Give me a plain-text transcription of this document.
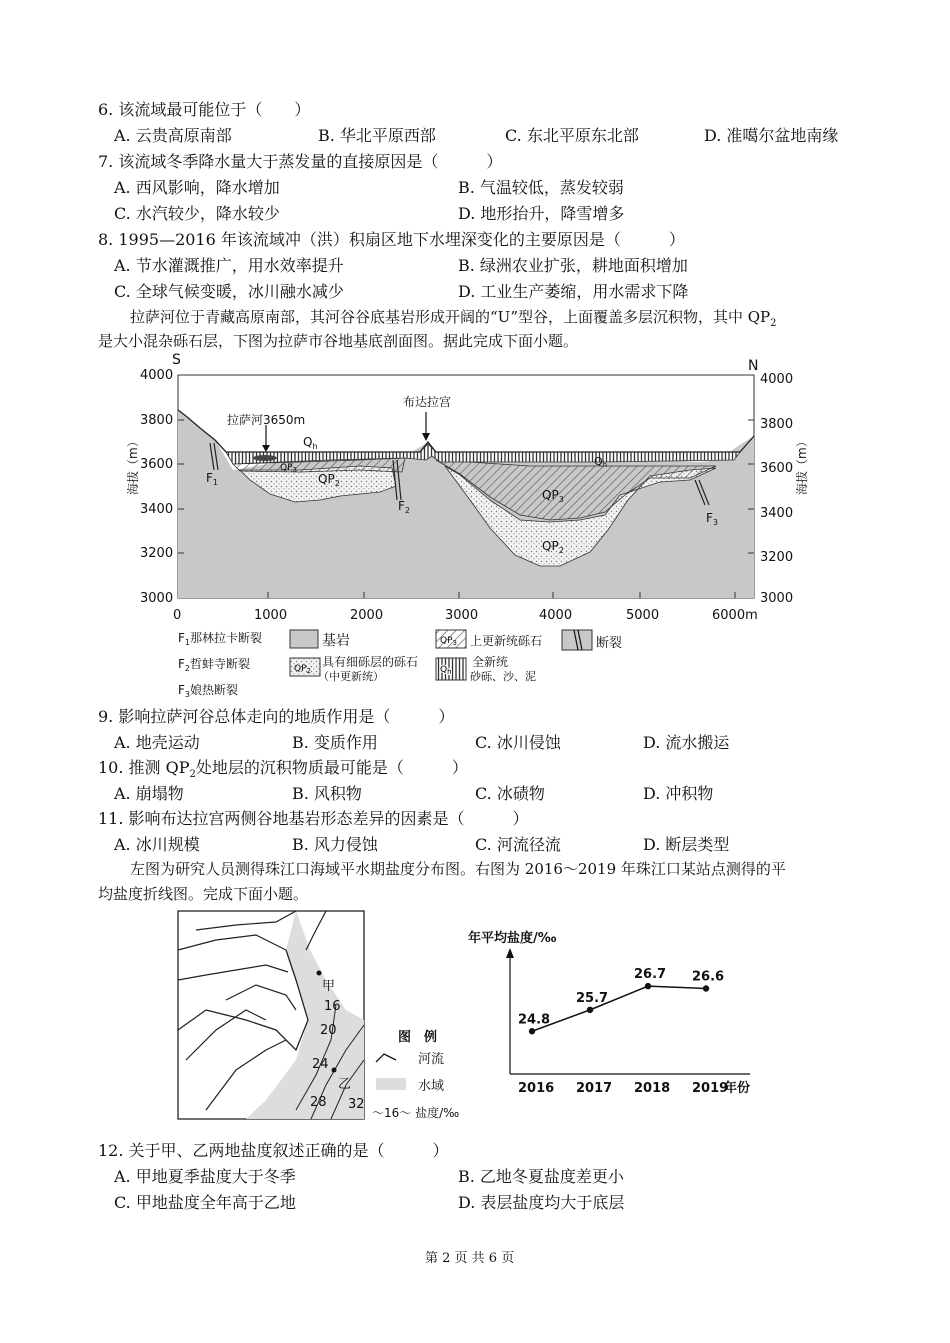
6. 该流域最可能位于（　　）
A. 云贵高原南部	B. 华北平原西部	C. 东北平原东北部	D. 准噶尔盆地南缘
7. 该流域冬季降水量大于蒸发量的直接原因是（　　　）
A. 西风影响，降水增加	B. 气温较低，蒸发较弱
C. 水汽较少，降水较少	D. 地形抬升，降雪增多
8. 1995—2016 年该流域冲（洪）积扇区地下水埋深变化的主要原因是（　　　）
A. 节水灌溉推广，用水效率提升	B. 绿洲农业扩张，耕地面积增加
C. 全球气候变暖，冰川融水减少	D. 工业生产萎缩，用水需求下降
拉萨河位于青藏高原南部，其河谷谷底基岩形成开阔的“U”型谷，上面覆盖多层沉积物，其中 $QP_2$
是大小混杂砾石层，下图为拉萨市谷地基底剖面图。据此完成下面小题。
4000
3800
3600
3400
3200
3000
4000
3800
3600
3400
3200
3000
0	1000	2000	3000	4000	5000	6000m
S	N
拉萨河3650m
布达拉宫
海拔（m）	海拔（m）
$Q_h$
$QP_3$
$QP_2$
$QP_3$
$QP_2$
Qh
$F_1$
$F_2$
$F_3$
$F_1$那林拉卡断裂
$F_2$哲蚌寺断裂
$F_3$娘热断裂
基岩	$QP_3$ 上更新统砾石	断裂
$QP_2$
具有细砾层的砾石
（中更新统）	$Q_h$
全新统
砂砾、沙、泥
9. 影响拉萨河谷总体走向的地质作用是（　　　）
A. 地壳运动	B. 变质作用	C. 冰川侵蚀	D. 流水搬运
10. 推测 $QP_2$处地层的沉积物质最可能是（　　　）
A. 崩塌物	B. 风积物	C. 冰碛物	D. 冲积物
11. 影响布达拉宫两侧谷地基岩形态差异的因素是（　　　）
A. 冰川规模	B. 风力侵蚀	C. 河流径流	D. 断层类型
左图为研究人员测得珠江口海域平水期盐度分布图。右图为 2016～2019 年珠江口某站点测得的平
均盐度折线图。完成下面小题。
甲
乙
16
20
24
28 32
图　例
河流
水域
～16～ 盐度/‰
年平均盐度/‰
年份
24.8
2016
25.7
2017
26.7
2018
26.6
2019
12. 关于甲、乙两地盐度叙述正确的是（　　　）
A. 甲地夏季盐度大于冬季	B. 乙地冬夏盐度差更小
C. 甲地盐度全年高于乙地	D. 表层盐度均大于底层
第 2 页 共 6 页
